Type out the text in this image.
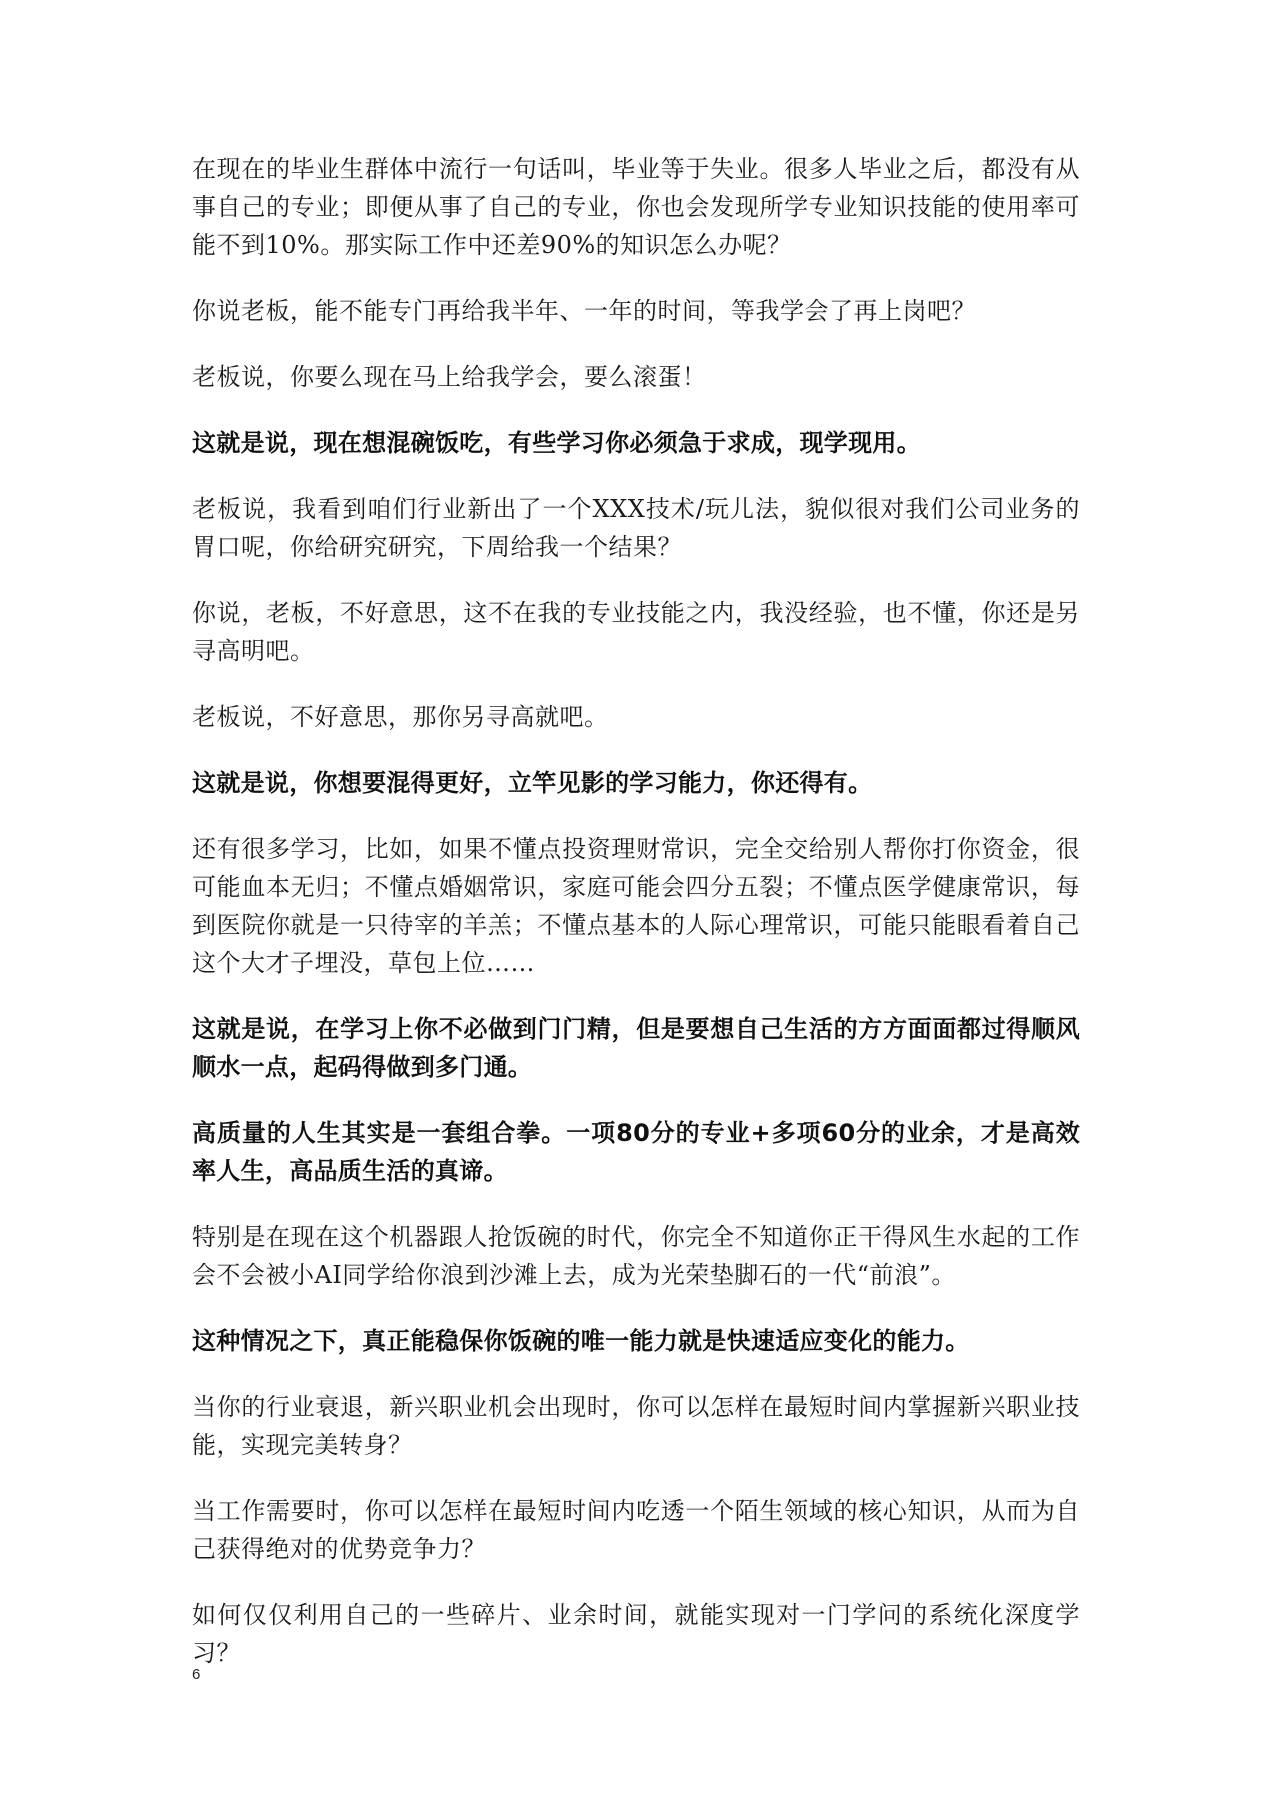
在现在的毕业生群体中流行一句话叫，毕业等于失业。很多人毕业之后，都没有从事自己的专业；即便从事了自己的专业，你也会发现所学专业知识技能的使用率可能不到10%。那实际工作中还差90%的知识怎么办呢？

你说老板，能不能专门再给我半年、一年的时间，等我学会了再上岗吧？

老板说，你要么现在马上给我学会，要么滚蛋！

这就是说，现在想混碗饭吃，有些学习你必须急于求成，现学现用。

老板说，我看到咱们行业新出了一个XXX技术/玩儿法，貌似很对我们公司业务的胃口呢，你给研究研究，下周给我一个结果？

你说，老板，不好意思，这不在我的专业技能之内，我没经验，也不懂，你还是另寻高明吧。

老板说，不好意思，那你另寻高就吧。

这就是说，你想要混得更好，立竿见影的学习能力，你还得有。

还有很多学习，比如，如果不懂点投资理财常识，完全交给别人帮你打你资金，很可能血本无归；不懂点婚姻常识，家庭可能会四分五裂；不懂点医学健康常识，每到医院你就是一只待宰的羊羔；不懂点基本的人际心理常识，可能只能眼看着自己这个大才子埋没，草包上位……

这就是说，在学习上你不必做到门门精，但是要想自己生活的方方面面都过得顺风顺水一点，起码得做到多门通。

高质量的人生其实是一套组合拳。一项80分的专业+多项60分的业余，才是高效率人生，高品质生活的真谛。

特别是在现在这个机器跟人抢饭碗的时代，你完全不知道你正干得风生水起的工作会不会被小AI同学给你浪到沙滩上去，成为光荣垫脚石的一代“前浪”。

这种情况之下，真正能稳保你饭碗的唯一能力就是快速适应变化的能力。

当你的行业衰退，新兴职业机会出现时，你可以怎样在最短时间内掌握新兴职业技能，实现完美转身？

当工作需要时，你可以怎样在最短时间内吃透一个陌生领域的核心知识，从而为自己获得绝对的优势竞争力？

如何仅仅利用自己的一些碎片、业余时间，就能实现对一门学问的系统化深度学习？

6
